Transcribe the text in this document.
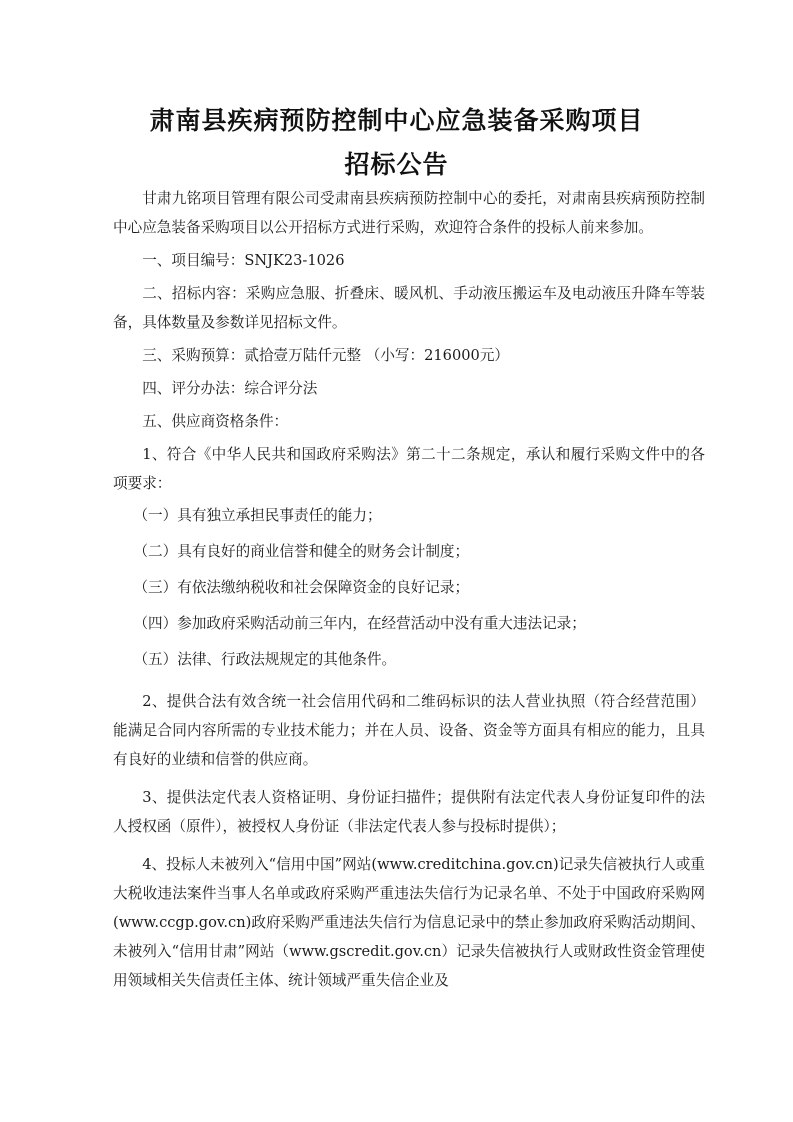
肃南县疾病预防控制中心应急装备采购项目
招标公告

甘肃九铭项目管理有限公司受肃南县疾病预防控制中心的委托，对肃南县疾病预防控制中心应急装备采购项目以公开招标方式进行采购，欢迎符合条件的投标人前来参加。

一、项目编号：SNJK23-1026

二、招标内容：采购应急服、折叠床、暖风机、手动液压搬运车及电动液压升降车等装备，具体数量及参数详见招标文件。

三、采购预算：贰拾壹万陆仟元整 （小写：216000元）

四、评分办法：综合评分法

五、供应商资格条件：

1、符合《中华人民共和国政府采购法》第二十二条规定，承认和履行采购文件中的各项要求：

（一）具有独立承担民事责任的能力；

（二）具有良好的商业信誉和健全的财务会计制度；

（三）有依法缴纳税收和社会保障资金的良好记录；

（四）参加政府采购活动前三年内，在经营活动中没有重大违法记录；

（五）法律、行政法规规定的其他条件。

2、提供合法有效含统一社会信用代码和二维码标识的法人营业执照（符合经营范围）能满足合同内容所需的专业技术能力；并在人员、设备、资金等方面具有相应的能力，且具有良好的业绩和信誉的供应商。

3、提供法定代表人资格证明、身份证扫描件；提供附有法定代表人身份证复印件的法人授权函（原件），被授权人身份证（非法定代表人参与投标时提供）；

4、投标人未被列入“信用中国”网站(www.creditchina.gov.cn)记录失信被执行人或重大税收违法案件当事人名单或政府采购严重违法失信行为记录名单、不处于中国政府采购网(www.ccgp.gov.cn)政府采购严重违法失信行为信息记录中的禁止参加政府采购活动期间、未被列入“信用甘肃”网站（www.gscredit.gov.cn）记录失信被执行人或财政性资金管理使用领域相关失信责任主体、统计领域严重失信企业及
